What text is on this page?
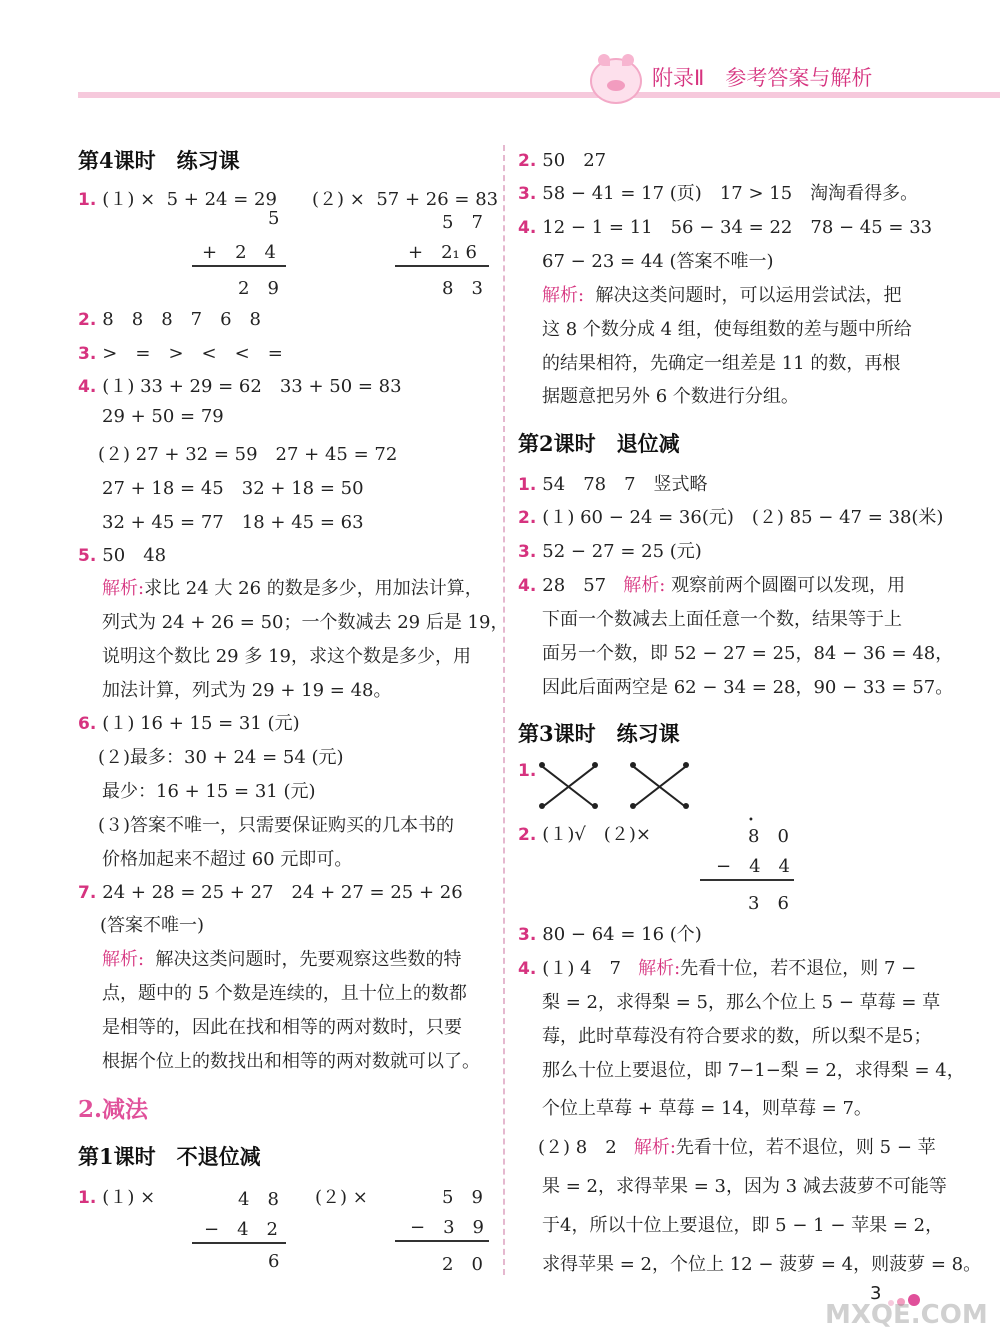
附录Ⅱ　参考答案与解析
第4课时　练习课
1. (１) × 5 + 24 = 29 (２) × 57 + 26 = 83
5
+　2　4
2　9
5　7
+　2₁ 6
8　3
2. 8　8　8　7　6　8
3. >　=　>　<　<　=
4. (１) 33 + 29 = 62　33 + 50 = 83
29 + 50 = 79
(２) 27 + 32 = 59　27 + 45 = 72
27 + 18 = 45　32 + 18 = 50
32 + 45 = 77　18 + 45 = 63
5. 50　48
解析:求比 24 大 26 的数是多少，用加法计算，
列式为 24 + 26 = 50；一个数减去 29 后是 19，
说明这个数比 29 多 19，求这个数是多少，用
加法计算，列式为 29 + 19 = 48。
6. (１) 16 + 15 = 31 (元)
(２)最多：30 + 24 = 54 (元)
最少：16 + 15 = 31 (元)
(３)答案不唯一，只需要保证购买的几本书的
价格加起来不超过 60 元即可。
7. 24 + 28 = 25 + 27　24 + 27 = 25 + 26
(答案不唯一)
解析: 解决这类问题时，先要观察这些数的特
点，题中的 5 个数是连续的，且十位上的数都
是相等的，因此在找和相等的两对数时，只要
根据个位上的数找出和相等的两对数就可以了。
2.减法
第1课时　不退位减
1. (１) ×	(２) ×
4　8
−　4　2
6
5　9
−　3　9
2　0
2. 50　27
3. 58 − 41 = 17 (页)　17 > 15　淘淘看得多。
4. 12 − 1 = 11　56 − 34 = 22　78 − 45 = 33
67 − 23 = 44 (答案不唯一)
解析: 解决这类问题时，可以运用尝试法，把
这 8 个数分成 4 组，使每组数的差与题中所给
的结果相符，先确定一组差是 11 的数，再根
据题意把另外 6 个数进行分组。
第2课时　退位减
1. 54　78　7　竖式略
2. (１) 60 − 24 = 36(元)　(２) 85 − 47 = 38(米)
3. 52 − 27 = 25 (元)
4. 28　57 解析: 观察前两个圆圈可以发现，用
下面一个数减去上面任意一个数，结果等于上
面另一个数，即 52 − 27 = 25，84 − 36 = 48，
因此后面两空是 62 − 34 = 28，90 − 33 = 57。
第3课时　练习课
1.
2. (１)√　(２)×	8　0
•
−　4　4
3　6
3. 80 − 64 = 16 (个)
4. (１) 4　7 解析:先看十位，若不退位，则 7 −
梨 = 2，求得梨 = 5，那么个位上 5 − 草莓 = 草
莓，此时草莓没有符合要求的数，所以梨不是5；
那么十位上要退位，即 7−1−梨 = 2，求得梨 = 4，
个位上草莓 + 草莓 = 14，则草莓 = 7。
(２) 8　2 解析:先看十位，若不退位，则 5 − 苹
果 = 2，求得苹果 = 3，因为 3 减去菠萝不可能等
于4，所以十位上要退位，即 5 − 1 − 苹果 = 2，
求得苹果 = 2，个位上 12 − 菠萝 = 4，则菠萝 = 8。
3
MXQE.COM
